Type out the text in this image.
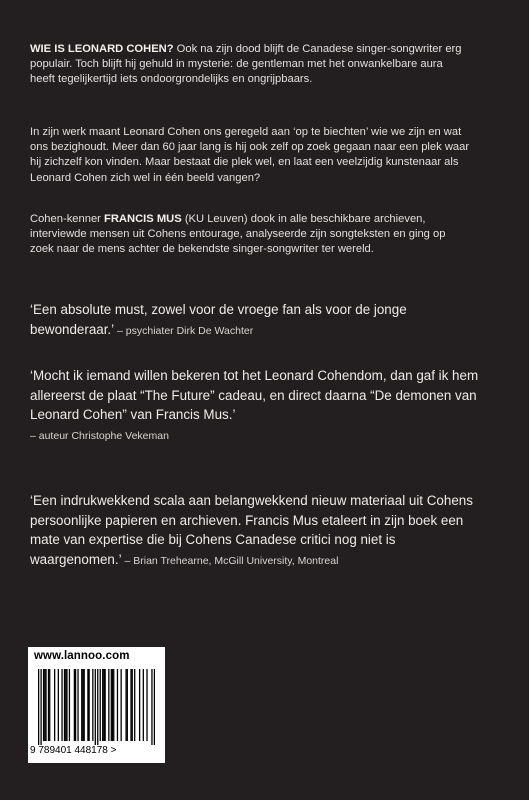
WIE IS LEONARD COHEN? Ook na zijn dood blijft de Canadese singer-songwriter erg populair. Toch blijft hij gehuld in mysterie: de gentleman met het onwankelbare aura heeft tegelijkertijd iets ondoorgrondelijks en ongrijpbaars.

In zijn werk maant Leonard Cohen ons geregeld aan ‘op te biechten’ wie we zijn en wat ons bezighoudt. Meer dan 60 jaar lang is hij ook zelf op zoek gegaan naar een plek waar hij zichzelf kon vinden. Maar bestaat die plek wel, en laat een veelzijdig kunstenaar als Leonard Cohen zich wel in één beeld vangen?

Cohen-kenner FRANCIS MUS (KU Leuven) dook in alle beschikbare archieven, interviewde mensen uit Cohens entourage, analyseerde zijn songteksten en ging op zoek naar de mens achter de bekendste singer-songwriter ter wereld.

‘Een absolute must, zowel voor de vroege fan als voor de jonge bewonderaar.’ – psychiater Dirk De Wachter

‘Mocht ik iemand willen bekeren tot het Leonard Cohendom, dan gaf ik hem allereerst de plaat “The Future” cadeau, en direct daarna “De demonen van Leonard Cohen” van Francis Mus.’
– auteur Christophe Vekeman

‘Een indrukwekkend scala aan belangwekkend nieuw materiaal uit Cohens persoonlijke papieren en archieven. Francis Mus etaleert in zijn boek een mate van expertise die bij Cohens Canadese critici nog niet is waargenomen.’ – Brian Trehearne, McGill University, Montreal

www.lannoo.com
9 789401 448178 >
